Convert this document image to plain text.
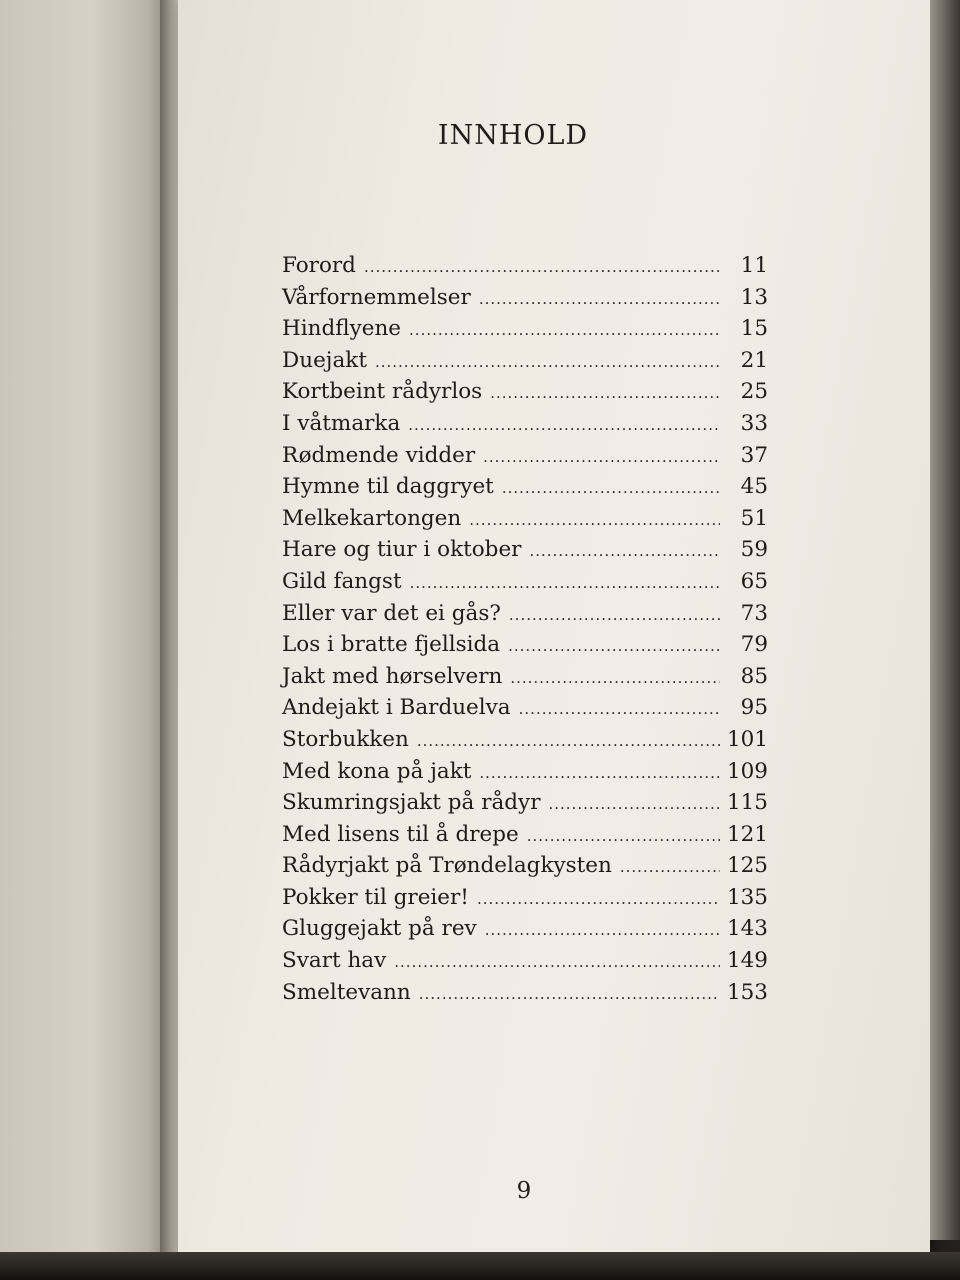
INNHOLD
Forord .....	11
Vårfornemmelser .....	13
Hindflyene .....	15
Duejakt .....	21
Kortbeint rådyrlos .....	25
I våtmarka .....	33
Rødmende vidder .....	37
Hymne til daggryet .....	45
Melkekartongen .....	51
Hare og tiur i oktober .....	59
Gild fangst .....	65
Eller var det ei gås? .....	73
Los i bratte fjellsida .....	79
Jakt med hørselvern .....	85
Andejakt i Barduelva .....	95
Storbukken .....	101
Med kona på jakt .....	109
Skumringsjakt på rådyr .....	115
Med lisens til å drepe .....	121
Rådyrjakt på Trøndelagkysten .....	125
Pokker til greier! .....	135
Gluggejakt på rev .....	143
Svart hav .....	149
Smeltevann .....	153
9
